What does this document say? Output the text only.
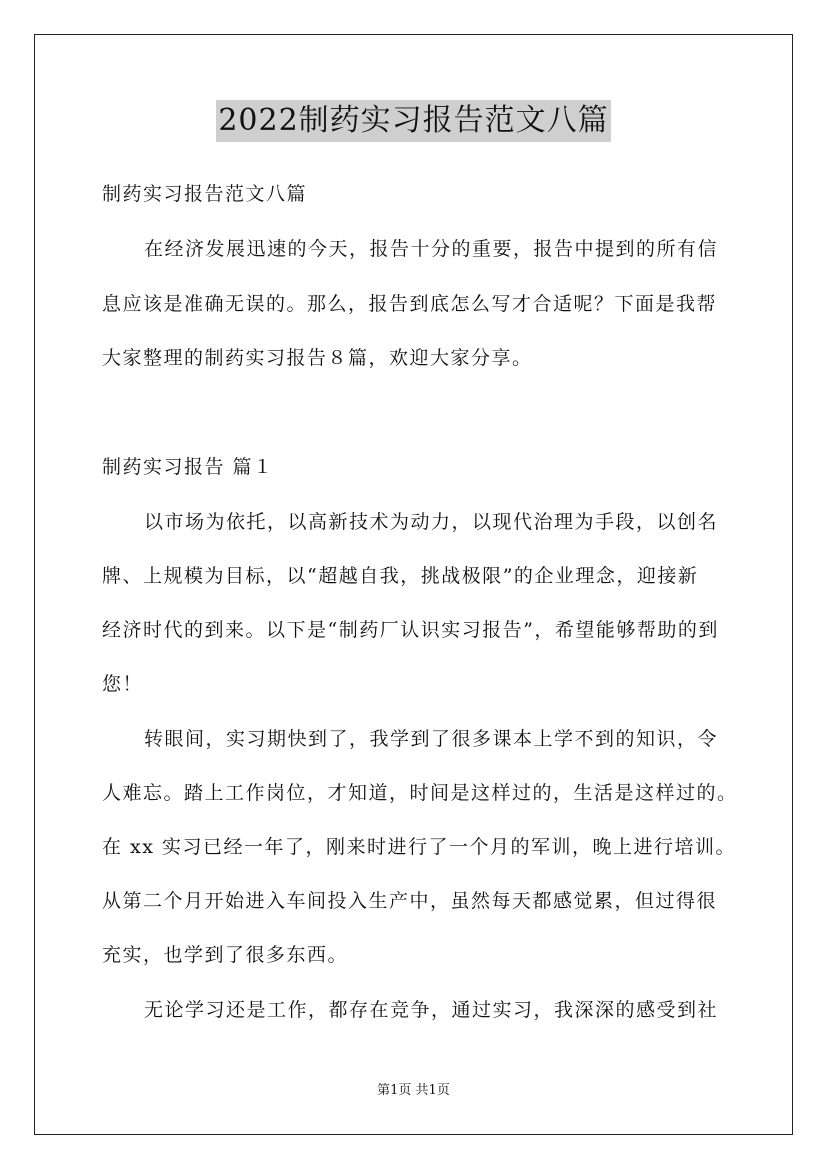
2022制药实习报告范文八篇
制药实习报告范文八篇
在经济发展迅速的今天，报告十分的重要，报告中提到的所有信
息应该是准确无误的。那么，报告到底怎么写才合适呢？下面是我帮
大家整理的制药实习报告８篇，欢迎大家分享。
制药实习报告 篇１
以市场为依托，以高新技术为动力，以现代治理为手段，以创名
牌、上规模为目标，以“超越自我，挑战极限”的企业理念，迎接新
经济时代的到来。以下是“制药厂认识实习报告”，希望能够帮助的到
您！
转眼间，实习期快到了，我学到了很多课本上学不到的知识，令
人难忘。踏上工作岗位，才知道，时间是这样过的，生活是这样过的。
在 xx 实习已经一年了，刚来时进行了一个月的军训，晚上进行培训。
从第二个月开始进入车间投入生产中，虽然每天都感觉累，但过得很
充实，也学到了很多东西。
无论学习还是工作，都存在竞争，通过实习，我深深的感受到社
第1页 共1页
